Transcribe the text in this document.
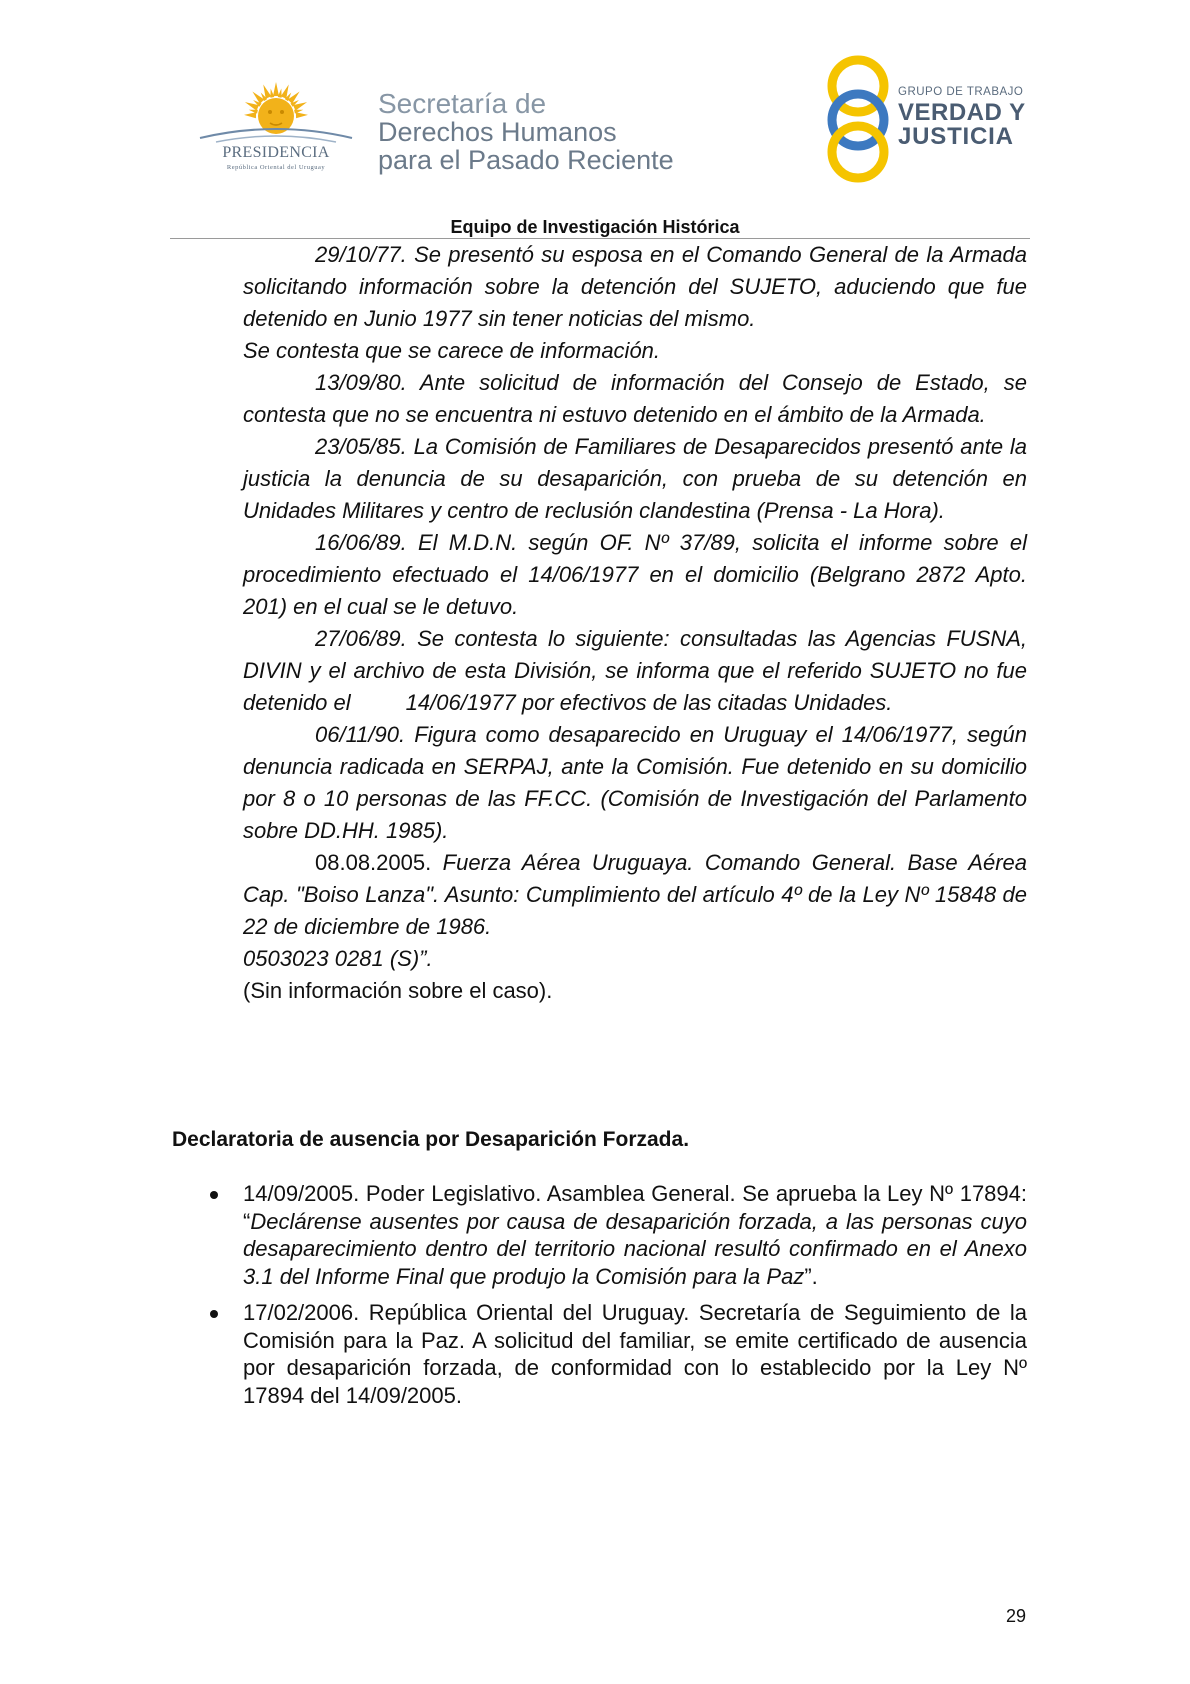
PRESIDENCIA
República Oriental del Uruguay
Secretaría de
Derechos Humanos
para el Pasado Reciente
GRUPO DE TRABAJO
VERDAD Y
JUSTICIA
Equipo de Investigación Histórica

29/10/77. Se presentó su esposa en el Comando General de la Armada solicitando información sobre la detención del SUJETO, aduciendo que fue detenido en Junio 1977 sin tener noticias del mismo.

Se contesta que se carece de información.

13/09/80. Ante solicitud de información del Consejo de Estado, se contesta que no se encuentra ni estuvo detenido en el ámbito de la Armada.

23/05/85. La Comisión de Familiares de Desaparecidos presentó ante la justicia la denuncia de su desaparición, con prueba de su detención en Unidades Militares y centro de reclusión clandestina (Prensa - La Hora).

16/06/89. El M.D.N. según OF. Nº 37/89, solicita el informe sobre el procedimiento efectuado el 14/06/1977 en el domicilio (Belgrano 2872 Apto. 201) en el cual se le detuvo.

27/06/89. Se contesta lo siguiente: consultadas las Agencias FUSNA, DIVIN y el archivo de esta División, se informa que el referido SUJETO no fue detenido el         14/06/1977 por efectivos de las citadas Unidades.

06/11/90. Figura como desaparecido en Uruguay el 14/06/1977, según denuncia radicada en SERPAJ, ante la Comisión. Fue detenido en su domicilio por 8 o 10 personas de las FF.CC. (Comisión de Investigación del Parlamento sobre DD.HH. 1985).

08.08.2005. Fuerza Aérea Uruguaya. Comando General. Base Aérea Cap. "Boiso Lanza". Asunto: Cumplimiento del artículo 4º de la Ley Nº 15848 de 22 de diciembre de 1986.

0503023 0281 (S)”.

(Sin información sobre el caso).

Declaratoria de ausencia por Desaparición Forzada.
14/09/2005. Poder Legislativo. Asamblea General. Se aprueba la Ley Nº 17894: “Declárense ausentes por causa de desaparición forzada, a las personas cuyo desaparecimiento dentro del territorio nacional resultó confirmado en el Anexo 3.1 del Informe Final que produjo la Comisión para la Paz”.
17/02/2006. República Oriental del Uruguay. Secretaría de Seguimiento de la Comisión para la Paz. A solicitud del familiar, se emite certificado de ausencia por desaparición forzada, de conformidad con lo establecido por la Ley Nº 17894 del 14/09/2005.
29
